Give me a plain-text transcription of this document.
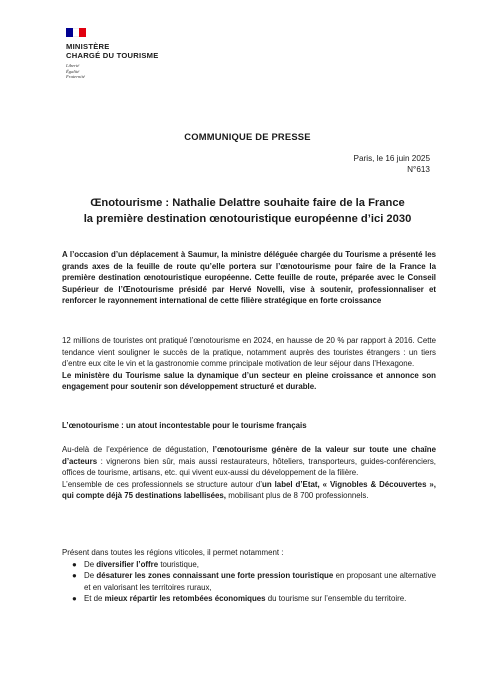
MINISTÈRE
CHARGÉ DU TOURISME
Liberté
Égalité
Fraternité
COMMUNIQUE DE PRESSE
Paris, le 16 juin 2025
N°613
Œnotourisme : Nathalie Delattre souhaite faire de la France
la première destination œnotouristique européenne d’ici 2030
A l’occasion d’un déplacement à Saumur, la ministre déléguée chargée du Tourisme a présenté les grands axes de la feuille de route qu’elle portera sur l’œnotourisme pour faire de la France la première destination œnotouristique européenne. Cette feuille de route, préparée avec le Conseil Supérieur de l’Œnotourisme présidé par Hervé Novelli, vise à soutenir, professionnaliser et renforcer le rayonnement international de cette filière stratégique en forte croissance

12 millions de touristes ont pratiqué l’œnotourisme en 2024, en hausse de 20 % par rapport à 2016. Cette tendance vient souligner le succès de la pratique, notamment auprès des touristes étrangers : un tiers d’entre eux cite le vin et la gastronomie comme principale motivation de leur séjour dans l’Hexagone.

Le ministère du Tourisme salue la dynamique d’un secteur en pleine croissance et annonce son engagement pour soutenir son développement structuré et durable.

L’œnotourisme : un atout incontestable pour le tourisme français

Au-delà de l’expérience de dégustation, l’œnotourisme génère de la valeur sur toute une chaîne d’acteurs : vignerons bien sûr, mais aussi restaurateurs, hôteliers, transporteurs, guides-conférenciers, offices de tourisme, artisans, etc. qui vivent eux-aussi du développement de la filière.

L’ensemble de ces professionnels se structure autour d’un label d’Etat, « Vignobles & Découvertes », qui compte déjà 75 destinations labellisées, mobilisant plus de 8 700 professionnels.

Présent dans toutes les régions viticoles, il permet notamment :

● De diversifier l’offre touristique,
● De désaturer les zones connaissant une forte pression touristique en proposant une alternative et en valorisant les territoires ruraux,
● Et de mieux répartir les retombées économiques du tourisme sur l’ensemble du territoire.
